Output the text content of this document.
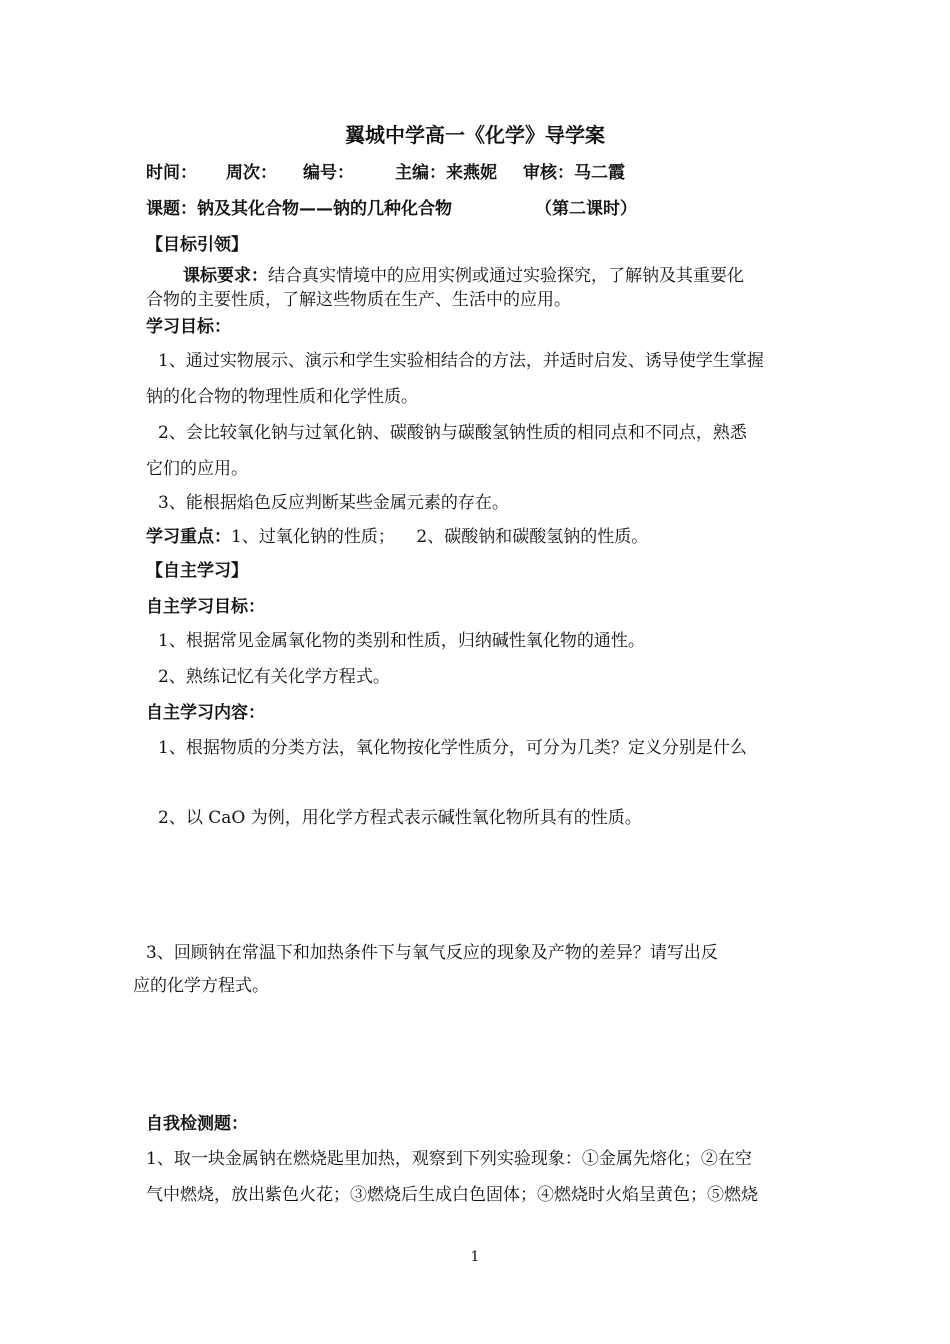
翼城中学高一《化学》导学案
时间： 周次： 编号： 主编：来燕妮 审核：马二霞
课题：钠及其化合物——钠的几种化合物	（第二课时）
【目标引领】
课标要求：结合真实情境中的应用实例或通过实验探究，了解钠及其重要化
合物的主要性质，了解这些物质在生产、生活中的应用。
学习目标：
1、通过实物展示、演示和学生实验相结合的方法，并适时启发、诱导使学生掌握
钠的化合物的物理性质和化学性质。
2、会比较氧化钠与过氧化钠、碳酸钠与碳酸氢钠性质的相同点和不同点，熟悉
它们的应用。
3、能根据焰色反应判断某些金属元素的存在。
学习重点：1、过氧化钠的性质；    2、碳酸钠和碳酸氢钠的性质。
【自主学习】
自主学习目标：
1、根据常见金属氧化物的类别和性质，归纳碱性氧化物的通性。
2、熟练记忆有关化学方程式。
自主学习内容：
1、根据物质的分类方法，氧化物按化学性质分，可分为几类？定义分别是什么
2、以 CaO 为例，用化学方程式表示碱性氧化物所具有的性质。
3、回顾钠在常温下和加热条件下与氧气反应的现象及产物的差异？请写出反
应的化学方程式。
自我检测题：
1、取一块金属钠在燃烧匙里加热，观察到下列实验现象：①金属先熔化；②在空
气中燃烧，放出紫色火花；③燃烧后生成白色固体；④燃烧时火焰呈黄色；⑤燃烧
1
